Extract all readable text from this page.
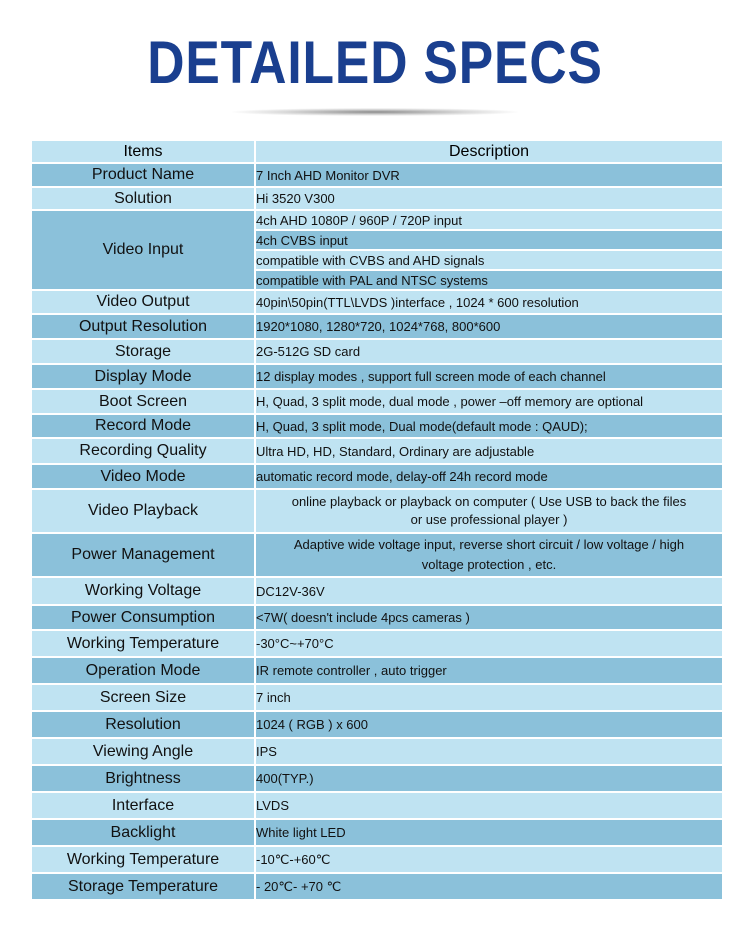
DETAILED SPECS
Items	Description
Product Name	7 Inch AHD Monitor DVR
Solution	Hi 3520 V300
Video Input	4ch AHD 1080P / 960P / 720P input
	4ch CVBS input
	compatible with CVBS and AHD signals
	compatible with PAL and NTSC systems
Video Output	40pin\50pin(TTL\LVDS )interface , 1024 * 600 resolution
Output Resolution	1920*1080, 1280*720, 1024*768, 800*600
Storage	2G-512G SD card
Display Mode	12 display modes , support full screen mode of each channel
Boot Screen	H, Quad, 3 split mode, dual mode , power –off memory are optional
Record Mode	H, Quad, 3 split mode, Dual mode(default mode : QAUD);
Recording Quality	Ultra HD, HD, Standard, Ordinary are adjustable
Video Mode	automatic record mode, delay-off 24h record mode
Video Playback	online playback or playback on computer ( Use USB to back the files
or use professional player )

Power Management	Adaptive wide voltage input, reverse short circuit / low voltage / high
voltage protection , etc.

Working Voltage	DC12V-36V
Power Consumption	<7W( doesn't include 4pcs cameras )
Working Temperature	-30°C~+70°C
Operation Mode	IR remote controller , auto trigger
Screen Size	7 inch
Resolution	1024 ( RGB ) x 600
Viewing Angle	IPS
Brightness	400(TYP.)
Interface	LVDS
Backlight	White light LED
Working Temperature	-10℃-+60℃
Storage Temperature	- 20℃- +70 ℃
